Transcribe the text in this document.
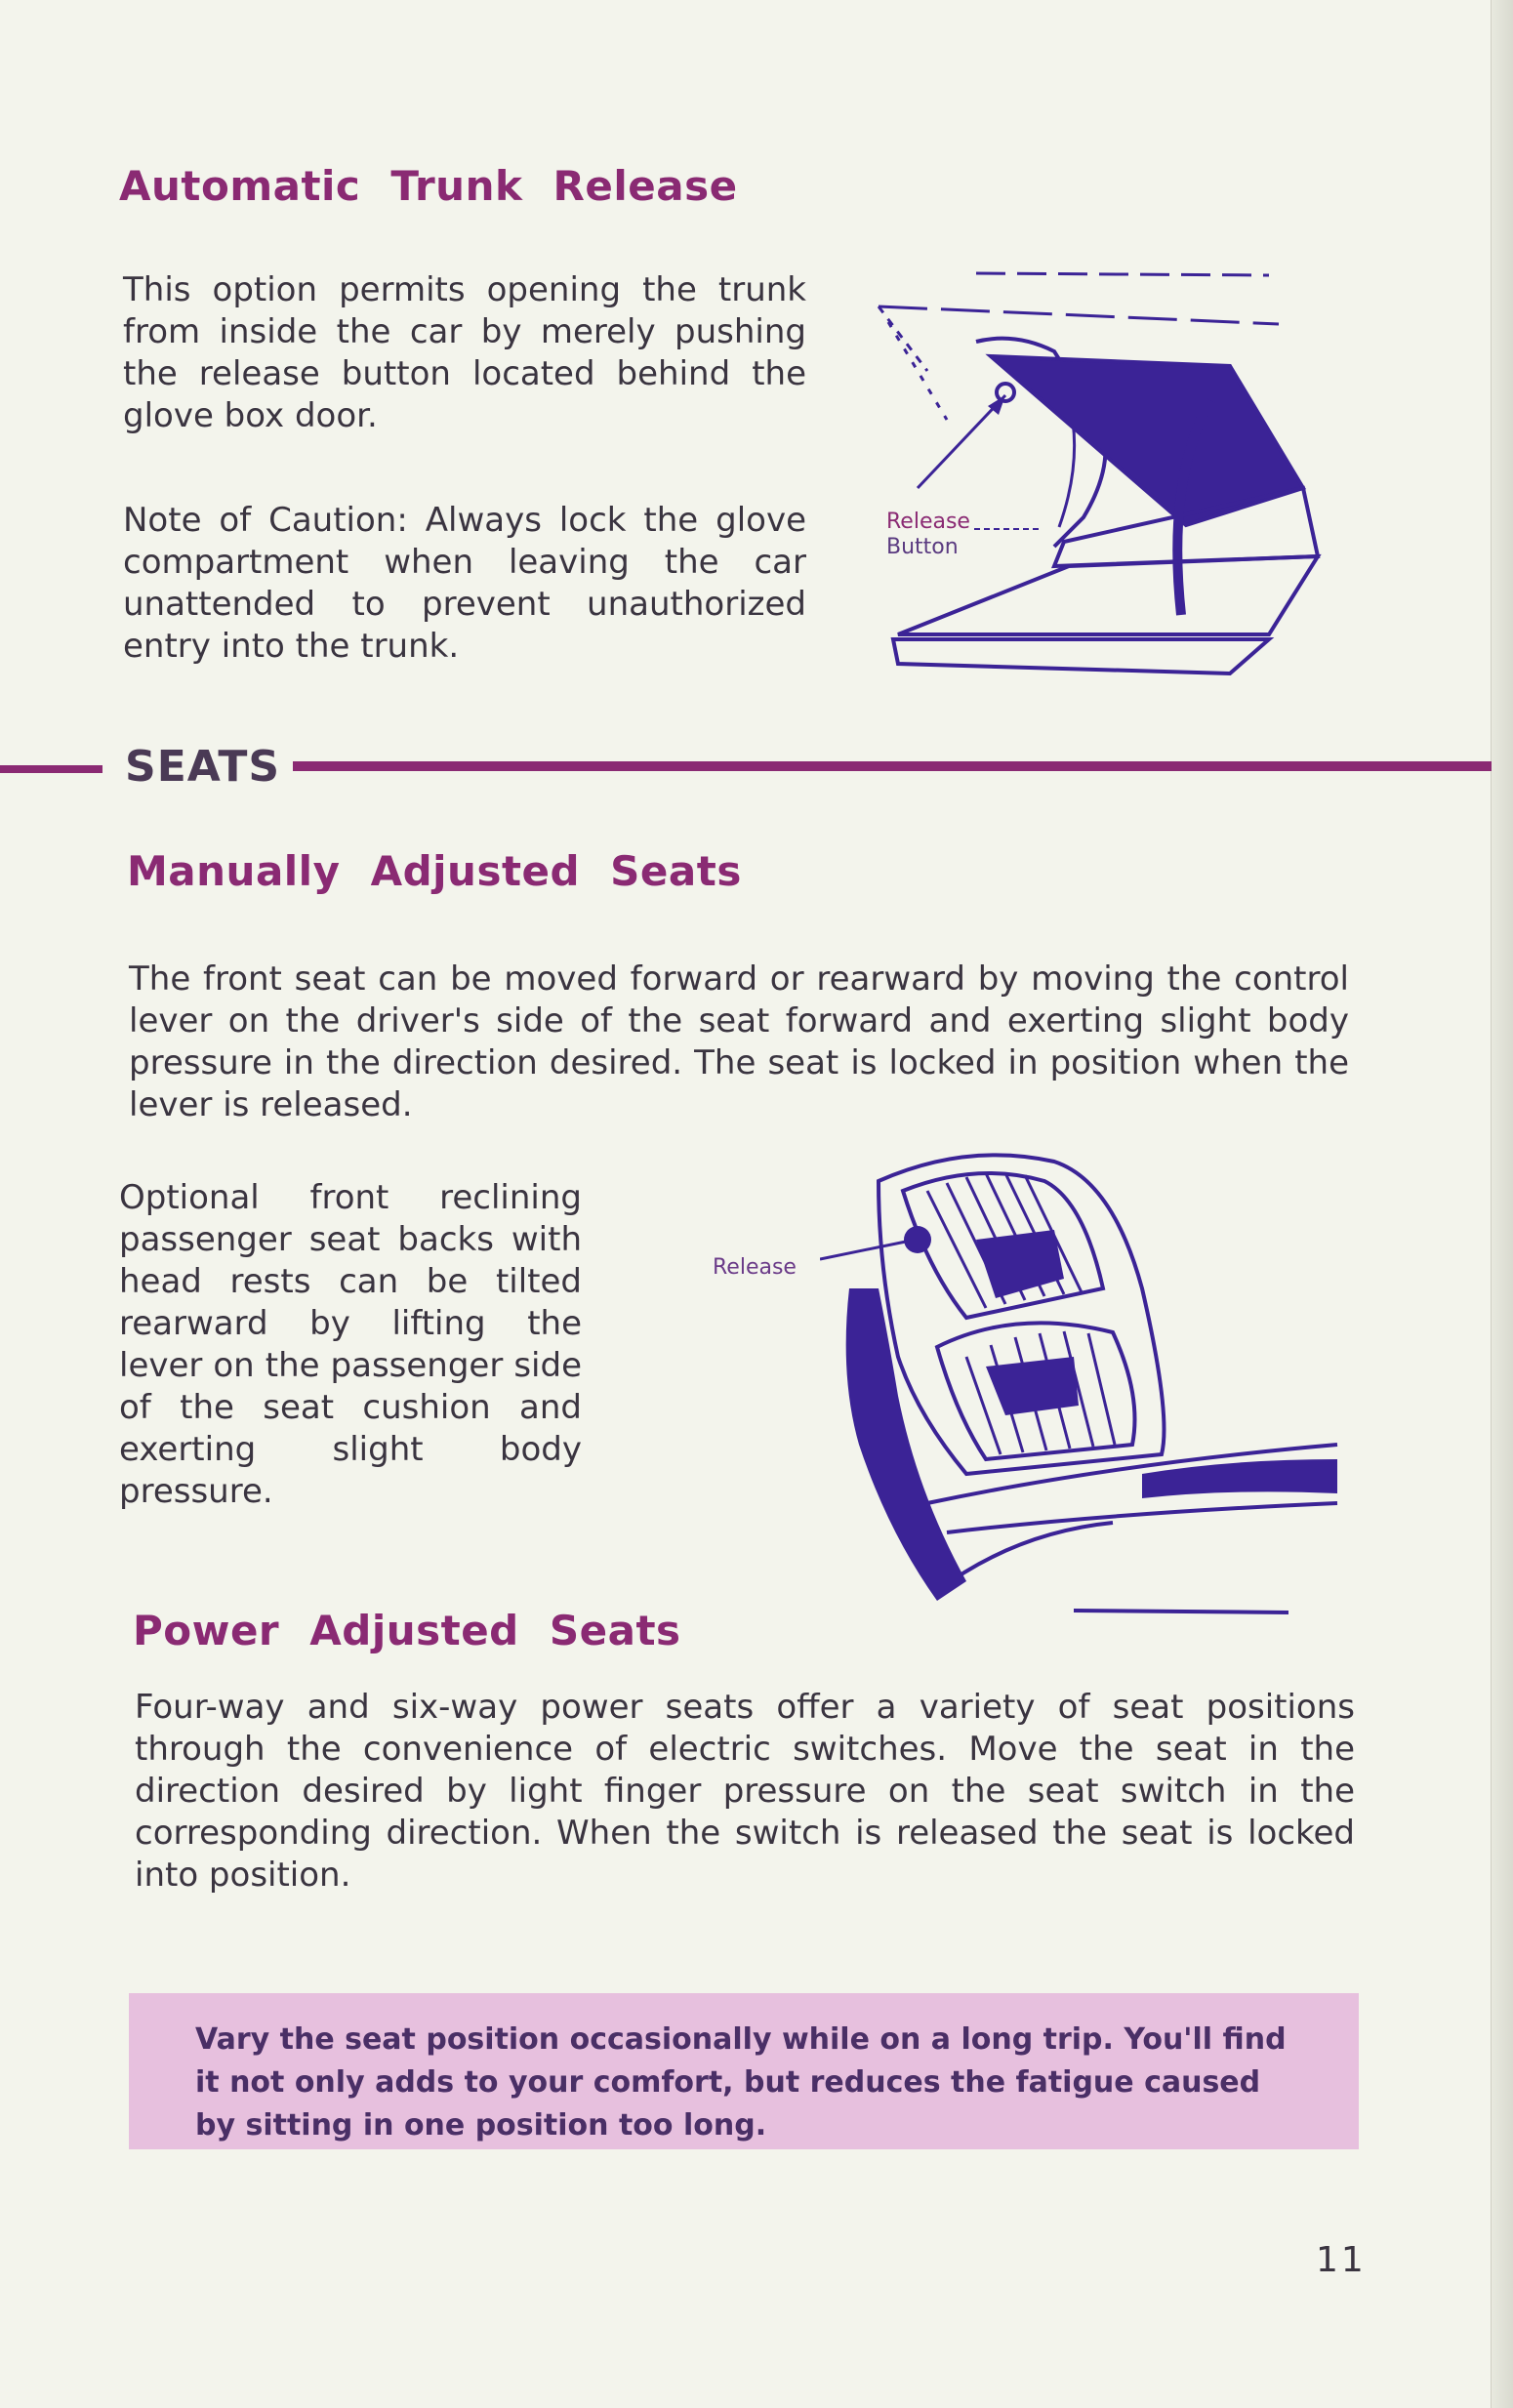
Automatic Trunk Release

This option permits opening the trunk from inside the car by merely pushing the release button located behind the glove box door.

Note of Caution: Always lock the glove compartment when leaving the car unattended to prevent unauthorized entry into the trunk.

Release

Button

SEATS

Manually Adjusted Seats

The front seat can be moved forward or rearward by moving the control lever on the driver's side of the seat forward and exerting slight body pressure in the direction desired. The seat is locked in position when the lever is released.

Optional front reclining passenger seat backs with head rests can be tilted rearward by lifting the lever on the passenger side of the seat cushion and exerting slight body pressure.

Release

Power Adjusted Seats

Four-way and six-way power seats offer a variety of seat positions through the convenience of electric switches. Move the seat in the direction desired by light finger pressure on the seat switch in the corresponding direction. When the switch is released the seat is locked into position.

Vary the seat position occasionally while on a long trip. You'll find it not only adds to your comfort, but reduces the fatigue caused by sitting in one position too long.

11
